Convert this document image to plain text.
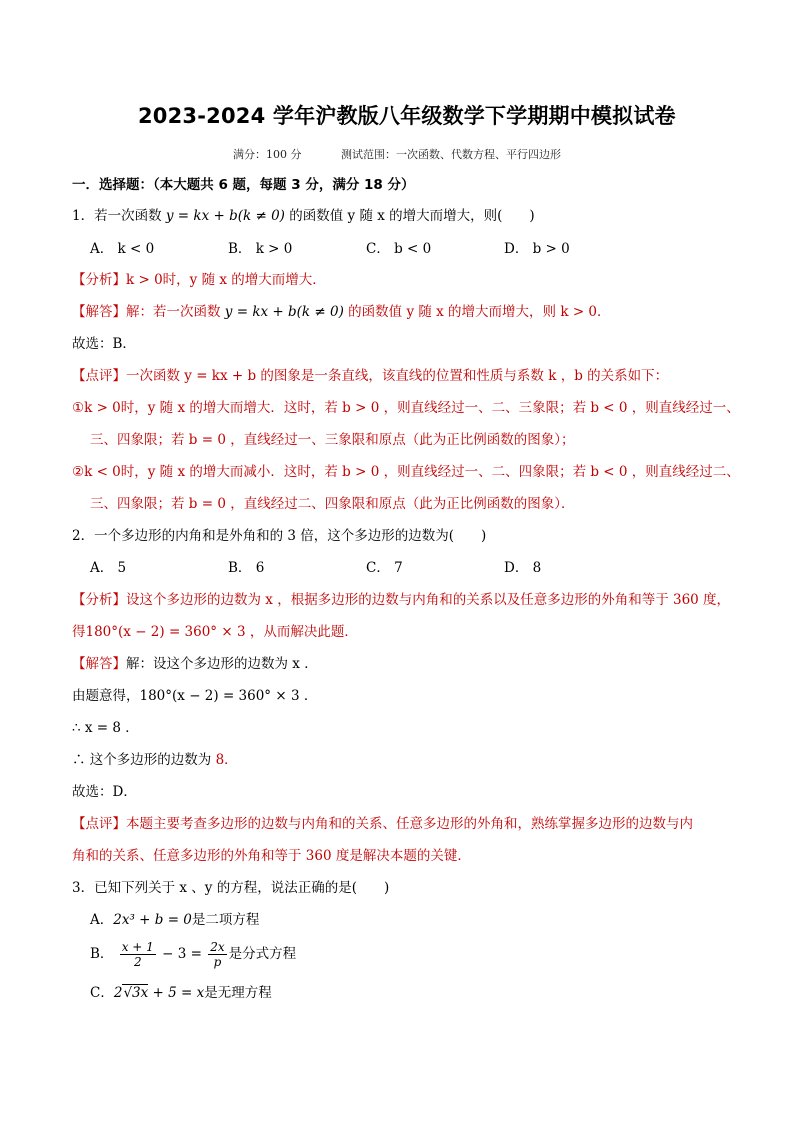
2023-2024 学年沪教版八年级数学下学期期中模拟试卷
满分：100 分	测试范围：一次函数、代数方程、平行四边形
一．选择题：（本大题共 6 题，每题 3 分，满分 18 分）
1．若一次函数 y = kx + b(k ≠ 0) 的函数值 y 随 x 的增大而增大，则(　　)
A． k < 0	B． k > 0	C． b < 0	D． b > 0
【分析】k > 0时，y 随 x 的增大而增大．
【解答】解：若一次函数 y = kx + b(k ≠ 0) 的函数值 y 随 x 的增大而增大，则 k > 0．
故选：B．
【点评】一次函数 y = kx + b 的图象是一条直线，该直线的位置和性质与系数 k ，b 的关系如下：
①k > 0时，y 随 x 的增大而增大．这时，若 b > 0 ，则直线经过一、二、三象限；若 b < 0 ，则直线经过一、
三、四象限；若 b = 0 ，直线经过一、三象限和原点（此为正比例函数的图象）；
②k < 0时，y 随 x 的增大而减小．这时，若 b > 0 ，则直线经过一、二、四象限；若 b < 0 ，则直线经过二、
三、四象限；若 b = 0 ，直线经过二、四象限和原点（此为正比例函数的图象）．
2．一个多边形的内角和是外角和的 3 倍，这个多边形的边数为(　　)
A． 5	B． 6	C． 7	D． 8
【分析】设这个多边形的边数为 x ，根据多边形的边数与内角和的关系以及任意多边形的外角和等于 360 度，
得180°(x − 2) = 360° × 3 ，从而解决此题．
【解答】解：设这个多边形的边数为 x ．
由题意得，180°(x − 2) = 360° × 3 ．
∴ x = 8 ．
∴ 这个多边形的边数为 8．
故选：D．
【点评】本题主要考查多边形的边数与内角和的关系、任意多边形的外角和，熟练掌握多边形的边数与内
角和的关系、任意多边形的外角和等于 360 度是解决本题的关键．
3．已知下列关于 x 、y 的方程，说法正确的是(　　)
A．2x³ + b = 0是二项方程
B． $\frac{x + 1}{2} - 3 = \frac{2x}{p}$ 是分式方程
C．2√3x + 5 = x是无理方程
